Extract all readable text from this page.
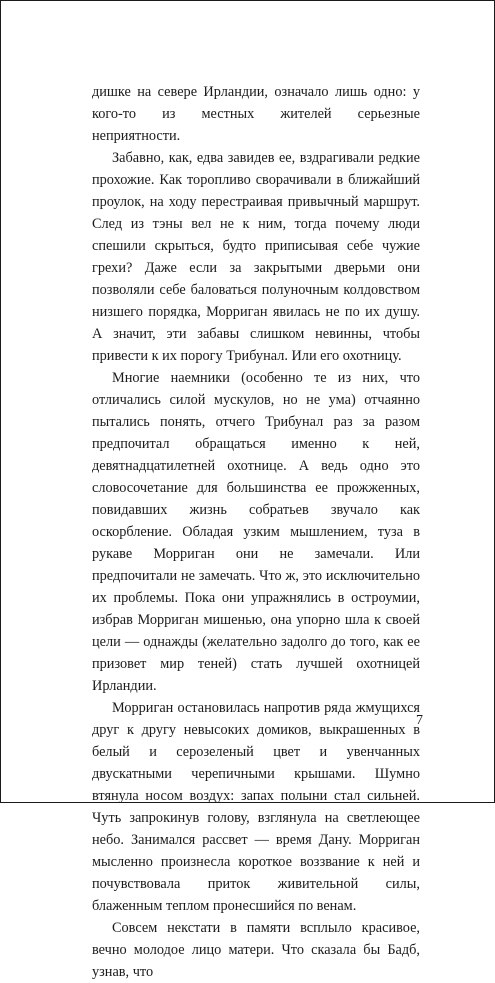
дишке на севере Ирландии, означало лишь одно: у кого-то из местных жителей серьезные неприятности.

Забавно, как, едва завидев ее, вздрагивали редкие прохожие. Как торопливо сворачивали в ближайший проулок, на ходу перестраивая привычный маршрут. След из тэны вел не к ним, тогда почему люди спешили скрыться, будто приписывая себе чужие грехи? Даже если за закрытыми дверьми они позволяли себе баловаться полуночным колдовством низшего порядка, Морриган явилась не по их душу. А значит, эти забавы слишком невинны, чтобы привести к их порогу Трибунал. Или его охотницу.

Многие наемники (особенно те из них, что отличались силой мускулов, но не ума) отчаянно пытались понять, отчего Трибунал раз за разом предпочитал обращаться именно к ней, девятнадцатилетней охотнице. А ведь одно это словосочетание для большинства ее прожженных, повидавших жизнь собратьев звучало как оскорбление. Обладая узким мышлением, туза в рукаве Морриган они не замечали. Или предпочитали не замечать. Что ж, это исключительно их проблемы. Пока они упражнялись в остроумии, избрав Морриган мишенью, она упорно шла к своей цели — однажды (желательно задолго до того, как ее призовет мир теней) стать лучшей охотницей Ирландии.

Морриган остановилась напротив ряда жмущихся друг к другу невысоких домиков, выкрашенных в белый и серозеленый цвет и увенчанных двускатными черепичными крышами. Шумно втянула носом воздух: запах полыни стал сильней. Чуть запрокинув голову, взглянула на светлеющее небо. Занимался рассвет — время Дану. Морриган мысленно произнесла короткое воззвание к ней и почувствовала приток живительной силы, блаженным теплом пронесшийся по венам.

Совсем некстати в памяти всплыло красивое, вечно молодое лицо матери. Что сказала бы Бадб, узнав, что

7
